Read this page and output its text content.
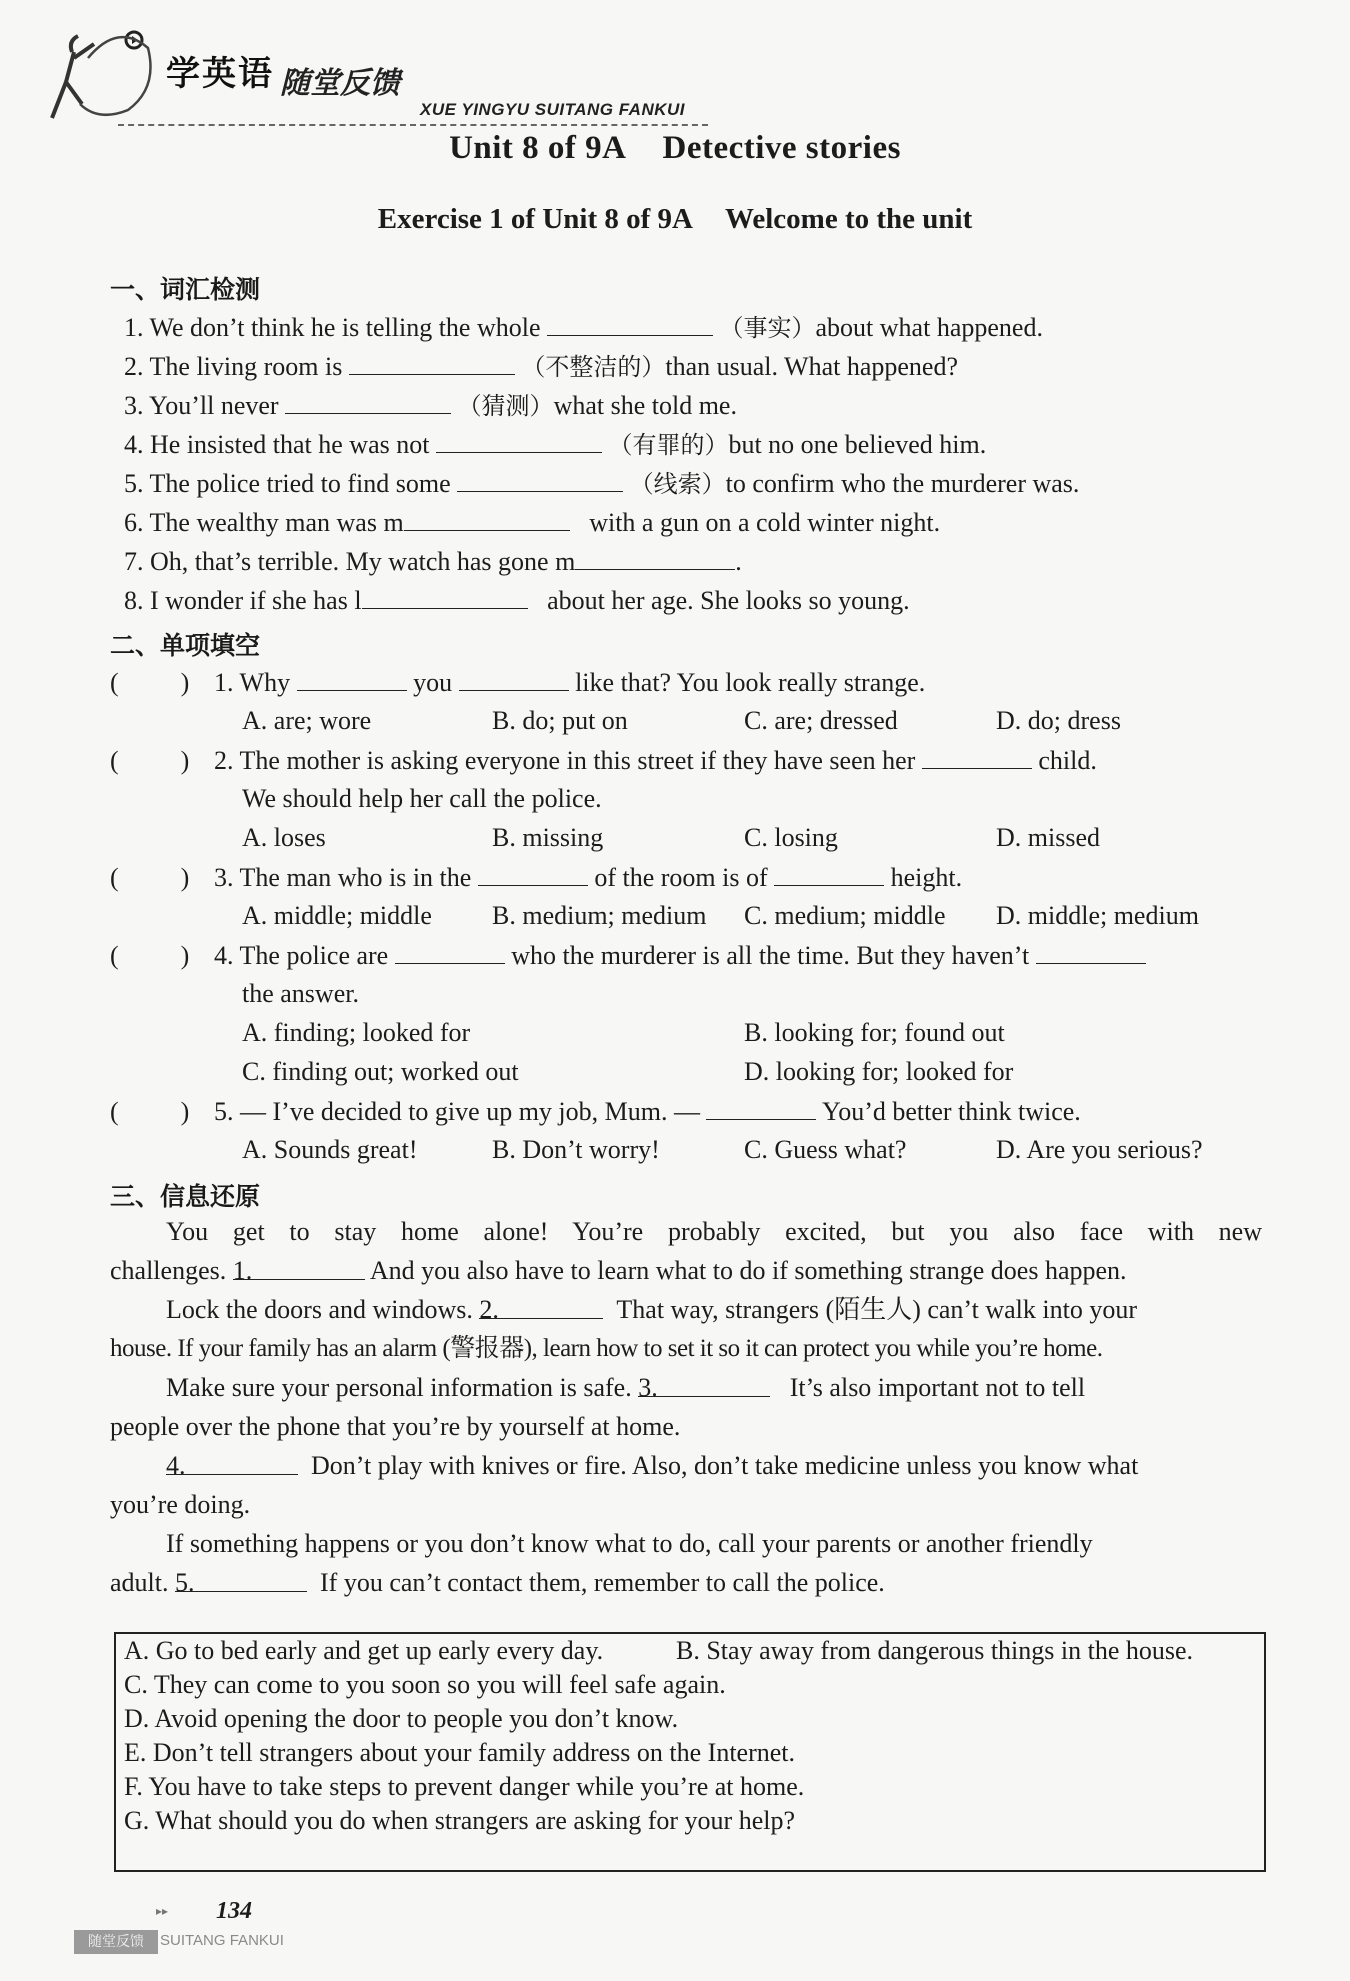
学英语 随堂反馈
XUE YINGYU SUITANG FANKUI
Unit 8 of 9A Detective stories
Exercise 1 of Unit 8 of 9A Welcome to the unit
一、词汇检测
1. We don’t think he is telling the whole	（事实）about what happened.
2. The living room is	（不整洁的）than usual. What happened?
3. You’ll never	（猜测）what she told me.
4. He insisted that he was not	（有罪的）but no one believed him.
5. The police tried to find some	（线索）to confirm who the murderer was.
6. The wealthy man was m	with a gun on a cold winter night.
7. Oh, that’s terrible. My watch has gone m	.
8. I wonder if she has l	about her age. She looks so young.
二、单项填空
( ) 1. Why	you	like that? You look really strange.
A. are; wore	B. do; put on	C. are; dressed	D. do; dress
( ) 2. The mother is asking everyone in this street if they have seen her	child.
We should help her call the police.
A. loses	B. missing	C. losing	D. missed
( ) 3. The man who is in the	of the room is of	height.
A. middle; middle B. medium; medium C. medium; middle D. middle; medium
( ) 4. The police are	who the murderer is all the time. But they haven’t
the answer.
A. finding; looked for	B. looking for; found out
C. finding out; worked out	D. looking for; looked for
( ) 5. — I’ve decided to give up my job, Mum. —	You’d better think twice.
A. Sounds great!	B. Don’t worry!	C. Guess what?	D. Are you serious?
三、信息还原
You get to stay home alone! You’re probably excited, but you also face with new
challenges. 1.	And you also have to learn what to do if something strange does happen.
Lock the doors and windows. 2.	That way, strangers (陌生人) can’t walk into your
house. If your family has an alarm (警报器), learn how to set it so it can protect you while you’re home.
Make sure your personal information is safe. 3.	It’s also important not to tell
people over the phone that you’re by yourself at home.
4.	Don’t play with knives or fire. Also, don’t take medicine unless you know what
you’re doing.
If something happens or you don’t know what to do, call your parents or another friendly
adult. 5.	If you can’t contact them, remember to call the police.
A. Go to bed early and get up early every day.	B. Stay away from dangerous things in the house.
C. They can come to you soon so you will feel safe again.
D. Avoid opening the door to people you don’t know.
E. Don’t tell strangers about your family address on the Internet.
F. You have to take steps to prevent danger while you’re at home.
G. What should you do when strangers are asking for your help?
▸▸ 134
随堂反馈	SUITANG FANKUI
